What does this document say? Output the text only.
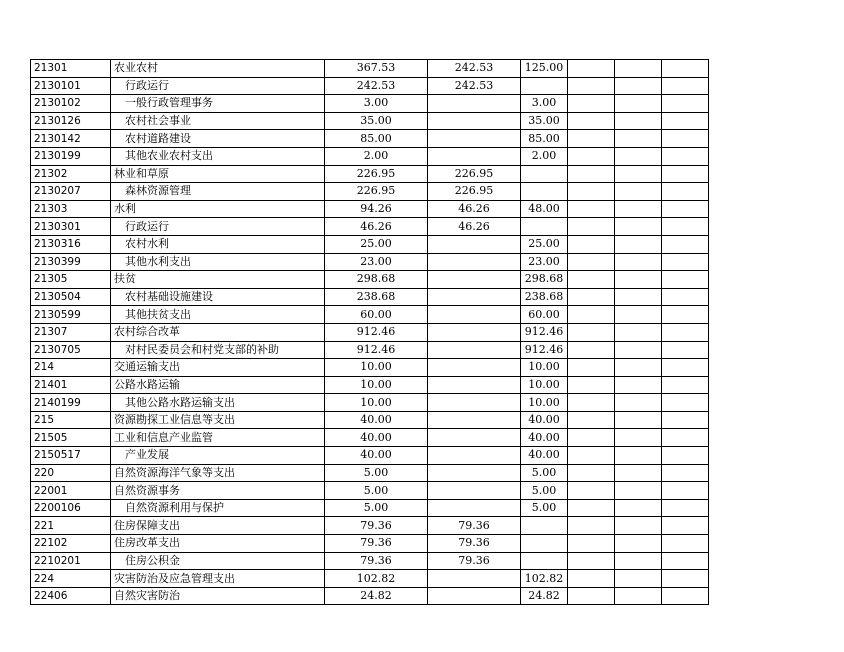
21301	农业农村	367.53	242.53	125.00			
2130101	行政运行	242.53	242.53				
2130102	一般行政管理事务	3.00		3.00			
2130126	农村社会事业	35.00		35.00			
2130142	农村道路建设	85.00		85.00			
2130199	其他农业农村支出	2.00		2.00			
21302	林业和草原	226.95	226.95				
2130207	森林资源管理	226.95	226.95				
21303	水利	94.26	46.26	48.00			
2130301	行政运行	46.26	46.26				
2130316	农村水利	25.00		25.00			
2130399	其他水利支出	23.00		23.00			
21305	扶贫	298.68		298.68			
2130504	农村基础设施建设	238.68		238.68			
2130599	其他扶贫支出	60.00		60.00			
21307	农村综合改革	912.46		912.46			
2130705	对村民委员会和村党支部的补助	912.46		912.46			
214	交通运输支出	10.00		10.00			
21401	公路水路运输	10.00		10.00			
2140199	其他公路水路运输支出	10.00		10.00			
215	资源勘探工业信息等支出	40.00		40.00			
21505	工业和信息产业监管	40.00		40.00			
2150517	产业发展	40.00		40.00			
220	自然资源海洋气象等支出	5.00		5.00			
22001	自然资源事务	5.00		5.00			
2200106	自然资源利用与保护	5.00		5.00			
221	住房保障支出	79.36	79.36				
22102	住房改革支出	79.36	79.36				
2210201	住房公积金	79.36	79.36				
224	灾害防治及应急管理支出	102.82		102.82			
22406	自然灾害防治	24.82		24.82			
